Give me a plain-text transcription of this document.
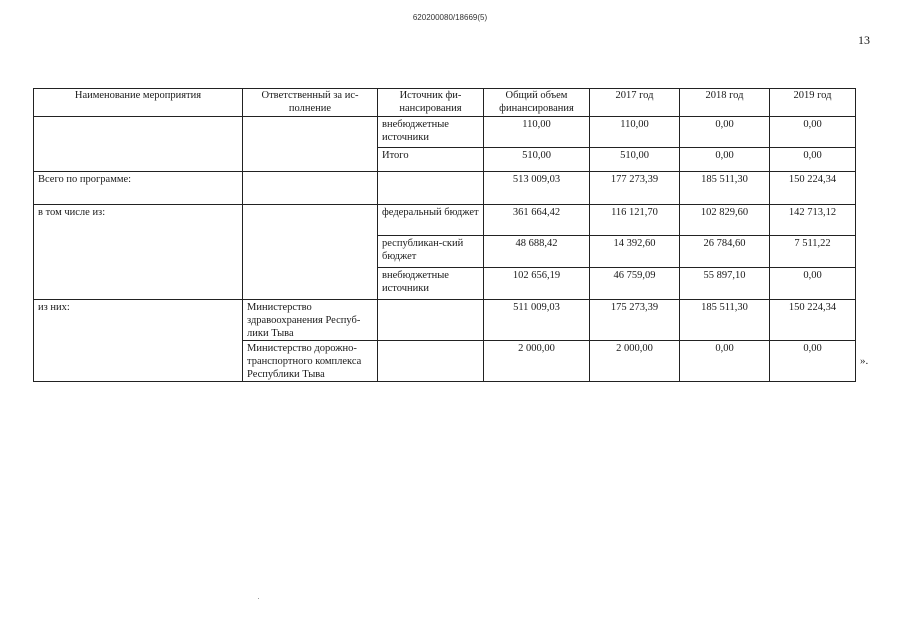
620200080/18669(5)
13
Наименование мероприятия	Ответственный за ис-полнение	Источник фи-нансирования	Общий объем финансирования	2017 год	2018 год	2019 год
		внебюджетные источники	110,00	110,00	0,00	0,00
		Итого	510,00	510,00	0,00	0,00
Всего по программе:			513 009,03	177 273,39	185 511,30	150 224,34
в том числе из:		федеральный бюджет	361 664,42	116 121,70	102 829,60	142 713,12
		республикан-ский бюджет	48 688,42	14 392,60	26 784,60	7 511,22
		внебюджетные источники	102 656,19	46 759,09	55 897,10	0,00
из них:	Министерство здравоохранения Респуб-лики Тыва		511 009,03	175 273,39	185 511,30	150 224,34
	Министерство дорожно-транспортного комплекса Республики Тыва		2 000,00	2 000,00	0,00	0,00
».
